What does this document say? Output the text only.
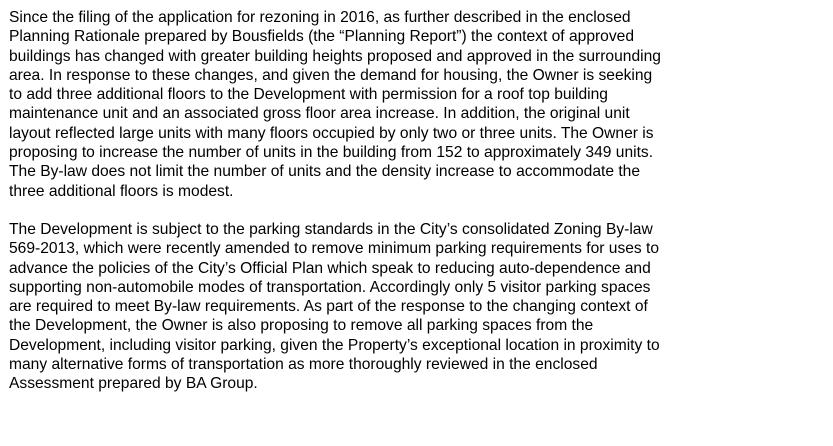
Since the filing of the application for rezoning in 2016, as further described in the enclosed
Planning Rationale prepared by Bousfields (the “Planning Report”) the context of approved
buildings has changed with greater building heights proposed and approved in the surrounding
area. In response to these changes, and given the demand for housing, the Owner is seeking
to add three additional floors to the Development with permission for a roof top building
maintenance unit and an associated gross floor area increase. In addition, the original unit
layout reflected large units with many floors occupied by only two or three units. The Owner is
proposing to increase the number of units in the building from 152 to approximately 349 units.
The By-law does not limit the number of units and the density increase to accommodate the
three additional floors is modest.
The Development is subject to the parking standards in the City’s consolidated Zoning By-law
569-2013, which were recently amended to remove minimum parking requirements for uses to
advance the policies of the City’s Official Plan which speak to reducing auto-dependence and
supporting non-automobile modes of transportation. Accordingly only 5 visitor parking spaces
are required to meet By-law requirements. As part of the response to the changing context of
the Development, the Owner is also proposing to remove all parking spaces from the
Development, including visitor parking, given the Property’s exceptional location in proximity to
many alternative forms of transportation as more thoroughly reviewed in the enclosed
Assessment prepared by BA Group.
